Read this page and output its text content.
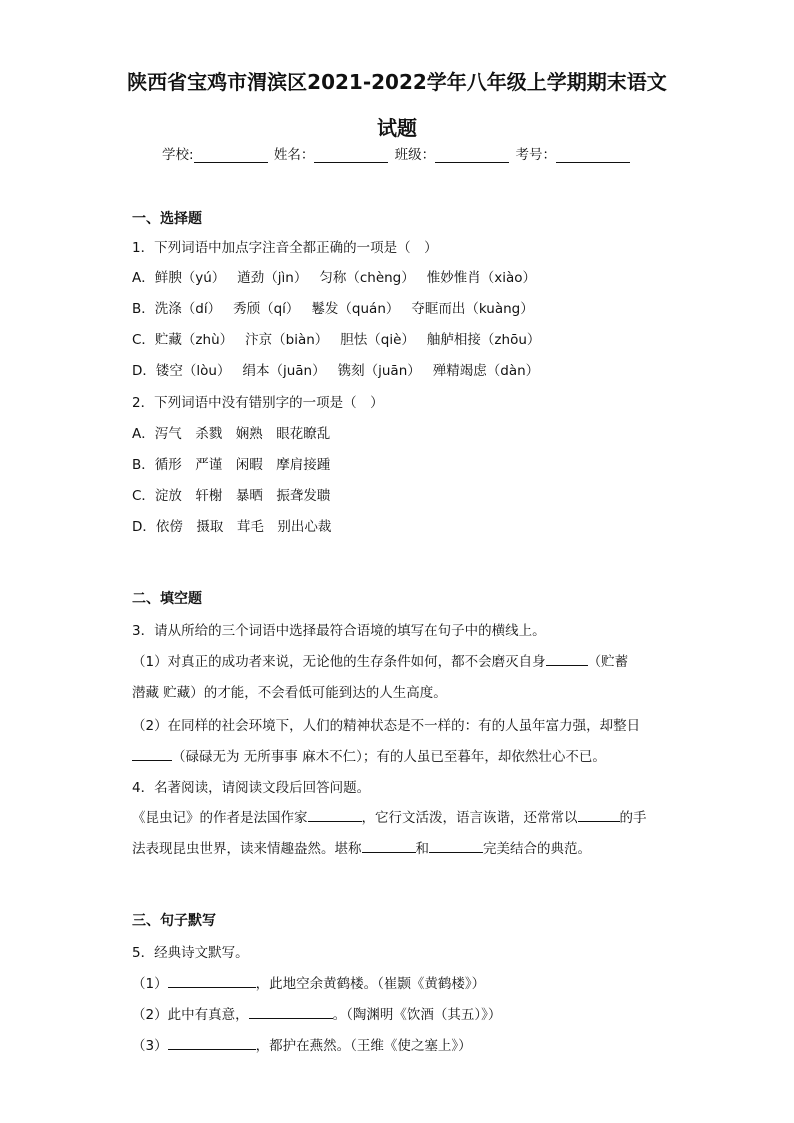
陕西省宝鸡市渭滨区2021-2022学年八年级上学期期末语文
试题
学校:	姓名：	班级：	考号：
一、选择题
1．下列词语中加点字注音全都正确的一项是（　）
A．鲜腴（yú） 遒劲（jìn） 匀称（chèng） 惟妙惟肖（xiào）
B．洗涤（dí） 秀颀（qí） 鬈发（quán） 夺眶而出（kuàng）
C．贮藏（zhù） 汴京（biàn） 胆怯（qiè） 舳舻相接（zhōu）
D．镂空（lòu） 绢本（juān） 镌刻（juān） 殚精竭虑（dàn）
2．下列词语中没有错别字的一项是（　）
A．泻气　杀戮　娴熟　眼花瞭乱
B．循形　严谨　闲暇　摩肩接踵
C．淀放　轩榭　暴晒　振聋发聩
D．依傍　摄取　茸毛　别出心裁
二、填空题
3．请从所给的三个词语中选择最符合语境的填写在句子中的横线上。
（1）对真正的成功者来说，无论他的生存条件如何，都不会磨灭自身	（贮蓄
潜藏 贮藏）的才能，不会看低可能到达的人生高度。
（2）在同样的社会环境下，人们的精神状态是不一样的：有的人虽年富力强，却整日
（碌碌无为 无所事事 麻木不仁）；有的人虽已至暮年，却依然壮心不已。
4．名著阅读，请阅读文段后回答问题。
《昆虫记》的作者是法国作家	，它行文活泼，语言诙谐，还常常以	的手
法表现昆虫世界，读来情趣盎然。堪称	和	完美结合的典范。
三、句子默写
5．经典诗文默写。
（1）	，此地空余黄鹤楼。（崔颢《黄鹤楼》）
（2）此中有真意，	。（陶渊明《饮酒（其五）》）
（3）	，都护在燕然。（王维《使之塞上》）
